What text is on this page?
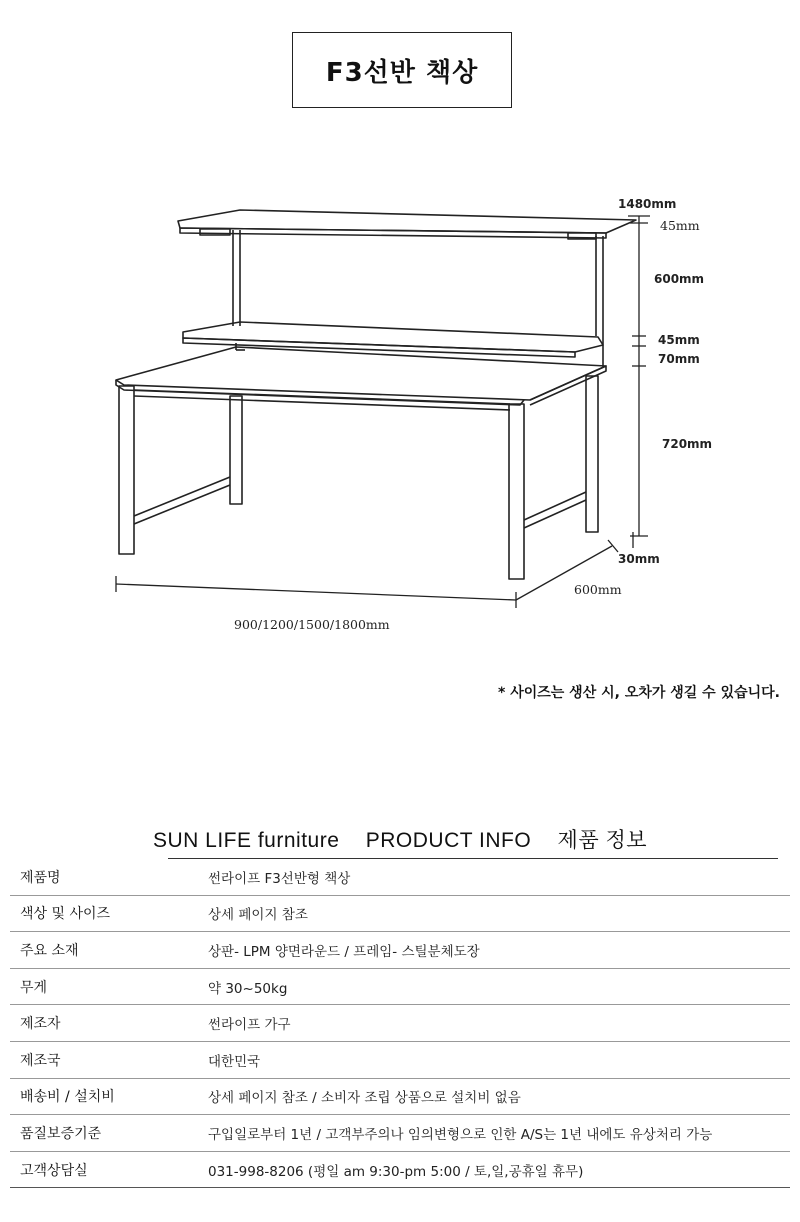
F3선반 책상
1480mm
45mm
600mm
45mm
70mm
720mm
30mm
600mm
900/1200/1500/1800mm
* 사이즈는 생산 시, 오차가 생길 수 있습니다.
SUN LIFE furniture PRODUCT INFO 제품 정보
제품명	썬라이프 F3선반형 책상
색상 및 사이즈	상세 페이지 참조
주요 소재	상판- LPM 양면라운드 / 프레임- 스틸분체도장
무게	약 30~50kg
제조자	썬라이프 가구
제조국	대한민국
배송비 / 설치비	상세 페이지 참조 / 소비자 조립 상품으로 설치비 없음
품질보증기준	구입일로부터 1년 / 고객부주의나 임의변형으로 인한 A/S는 1년 내에도 유상처리 가능
고객상담실	031-998-8206 (평일 am 9:30-pm 5:00 / 토,일,공휴일 휴무)
